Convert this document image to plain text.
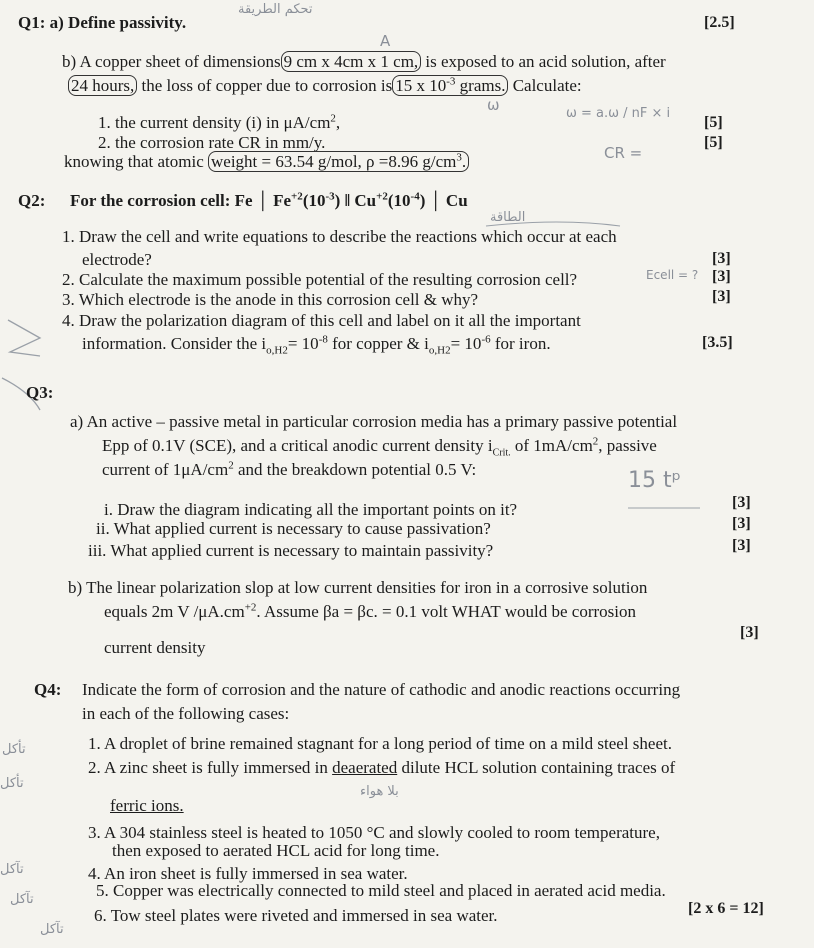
تحكم الطريقة
A
ω	ω = a.ω / nF × i
CR =
الطاقة
Ecell = ?
15 tᵖ
تأكل
تأكل
تآكل
تآكل
تآكل
بلا هواء
Q1: a) Define passivity.	[2.5]
b) A copper sheet of dimensions 9 cm x 4cm x 1 cm, is exposed to an acid solution, after
24 hours, the loss of copper due to corrosion is 15 x $10^{-3}$ grams. Calculate:
1. the current density (i) in $\mu A/cm^2$,	[5]
2. the corrosion rate CR in mm/y.	[5]
knowing that atomic weight = 63.54 g/mol, ρ =8.96 $g/cm^3$.
Q2: For the corrosion cell: Fe │ $Fe^{+2}(10^{-3})$ ‖ $Cu^{+2}(10^{-4})$ │ Cu
1. Draw the cell and write equations to describe the reactions which occur at each
electrode?	[3]
2. Calculate the maximum possible potential of the resulting corrosion cell?	[3]
3. Which electrode is the anode in this corrosion cell & why?	[3]
4. Draw the polarization diagram of this cell and label on it all the important
information. Consider the $i_{o,H2}= 10^{-8}$ for copper & $i_{o,H2}= 10^{-6}$ for iron.	[3.5]
Q3:
a) An active – passive metal in particular corrosion media has a primary passive potential
Epp of 0.1V (SCE), and a critical anodic current density $i_{Crit.}$ of $1mA/cm^2$, passive
current of $1\mu A/cm^2$ and the breakdown potential 0.5 V:
i. Draw the diagram indicating all the important points on it?	[3]
ii. What applied current is necessary to cause passivation?	[3]
iii. What applied current is necessary to maintain passivity?	[3]
b) The linear polarization slop at low current densities for iron in a corrosive solution
equals 2m V $/\mu A.cm^{+2}$. Assume βa = βc. = 0.1 volt WHAT would be corrosion
current density
[3]
Q4: Indicate the form of corrosion and the nature of cathodic and anodic reactions occurring
in each of the following cases:
1. A droplet of brine remained stagnant for a long period of time on a mild steel sheet.
2. A zinc sheet is fully immersed in deaerated dilute HCL solution containing traces of
ferric ions.
3. A 304 stainless steel is heated to 1050 °C and slowly cooled to room temperature,
then exposed to aerated HCL acid for long time.
4. An iron sheet is fully immersed in sea water.
5. Copper was electrically connected to mild steel and placed in aerated acid media.
6. Tow steel plates were riveted and immersed in sea water.	[2 x 6 = 12]
